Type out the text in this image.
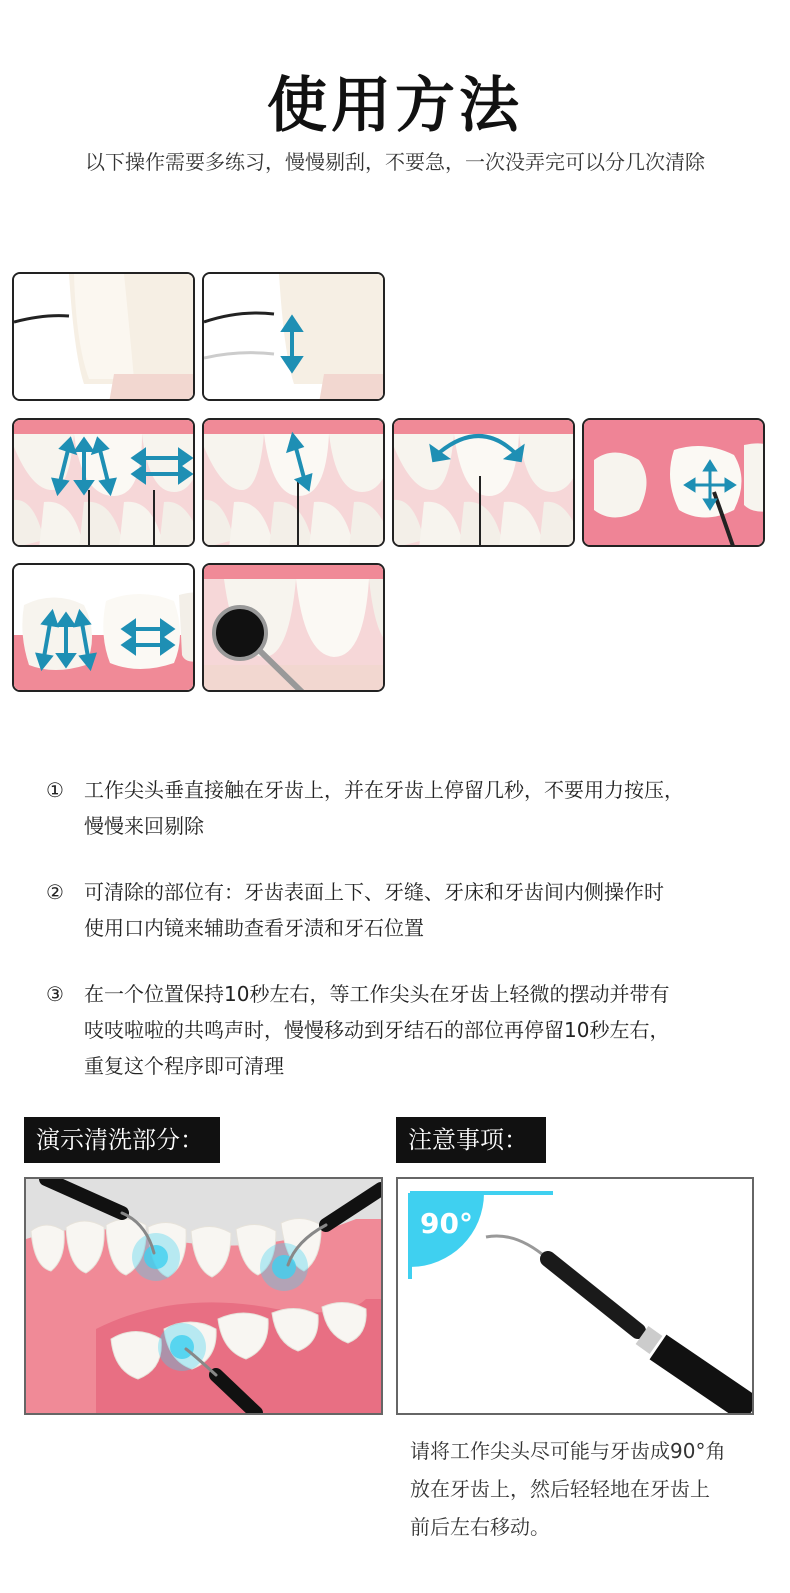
使用方法
以下操作需要多练习，慢慢剔刮，不要急，一次没弄完可以分几次清除
① 工作尖头垂直接触在牙齿上，并在牙齿上停留几秒，不要用力按压，
慢慢来回剔除
② 可清除的部位有：牙齿表面上下、牙缝、牙床和牙齿间内侧操作时
使用口内镜来辅助查看牙渍和牙石位置
③ 在一个位置保持10秒左右，等工作尖头在牙齿上轻微的摆动并带有
吱吱啦啦的共鸣声时，慢慢移动到牙结石的部位再停留10秒左右，
重复这个程序即可清理
演示清洗部分：	注意事项：
90°
请将工作尖头尽可能与牙齿成90°角
放在牙齿上，然后轻轻地在牙齿上
前后左右移动。
